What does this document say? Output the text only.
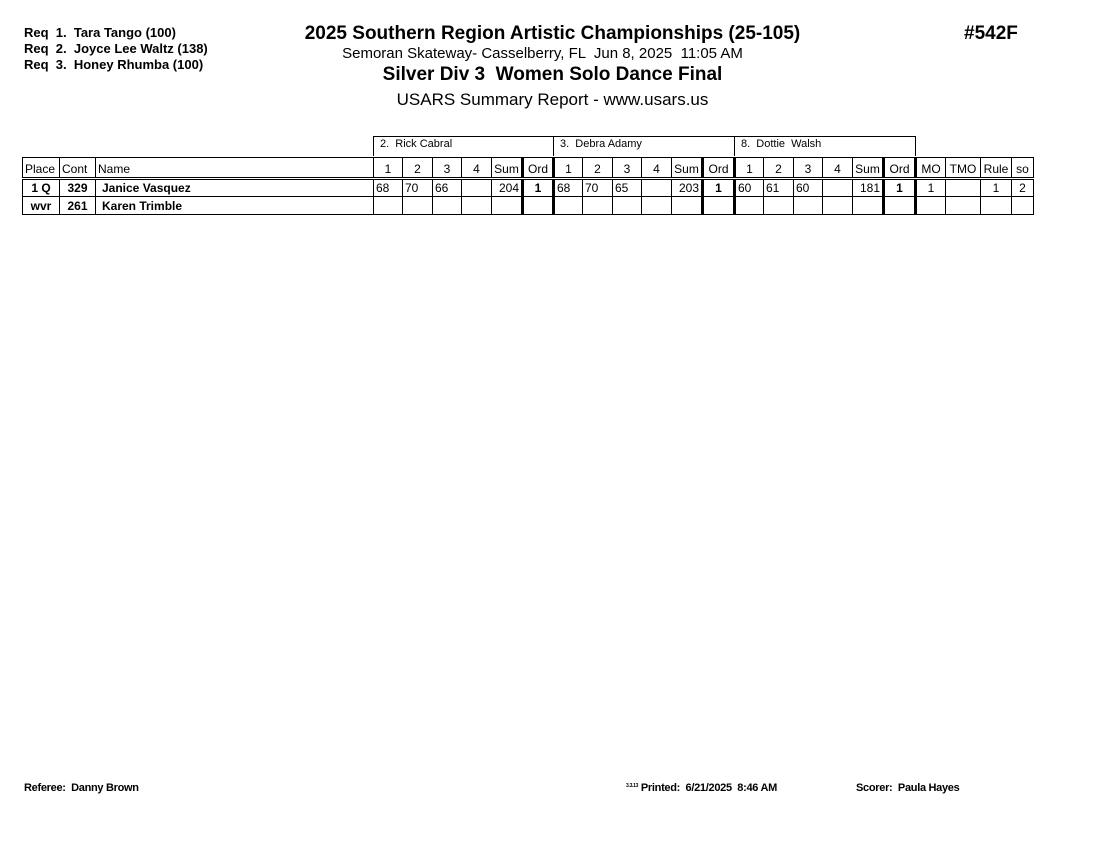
Req  1.  Tara Tango (100)
Req  2.  Joyce Lee Waltz (138)
Req  3.  Honey Rhumba (100)
2025 Southern Region Artistic Championships (25-105)
Semoran Skateway- Casselberry, FL  Jun 8, 2025  11:05 AM
Silver Div 3  Women Solo Dance Final
USARS Summary Report - www.usars.us
#542F
2.  Rick Cabral	3.  Debra Adamy	8.  Dottie  Walsh
Place	Cont	Name	1	2	3	4	Sum	Ord	1	2	3	4	Sum	Ord	1	2	3	4	Sum	Ord	MO	TMO	Rule	so
1 Q	329	Janice Vasquez	68	70	66		204	1	68	70	65		203	1	60	61	60		181	1	1		1	2
wvr	261	Karen Trimble																						
Referee:  Danny Brown	$^{3.3.13}$ Printed:  6/21/2025  8:46 AM	Scorer:  Paula Hayes
